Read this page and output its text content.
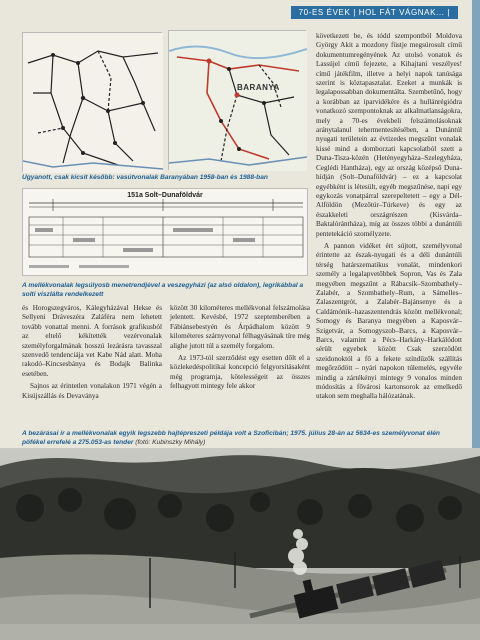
70-ES ÉVEK | HOL FÁT VÁGNAK... |
BARANYA
Ugyanott, csak kicsit később: vasútvonalak Baranyában 1958-ban és 1988-ban
151a Solt–Dunaföldvár
A mellékvonalak legsúlyosb menetrendjével a veszegyházi (az alsó oldalon), legrikábbal a solti viszlálta rendelkezett

és Horogszegváros, Kálegyházával Hekse és Sellyeni Dráveszéra Zaláféra nem lehetett tovább vonattal menni. A források grafikusból az eltelő kékítették vezérvonalak személyforgalmának hosszú lezárásra tavasszal szenvedő tendenciája vet Kabe Nád alatt. Moha rakodó–Kincsesbánya és Bodajk Balinka esetében.

Sajnos az érintetlen vonalakon 1971 végén a Kisújszállás és Devaványa

között 30 kilométeres mellékvonal felszámolása jelentett. Kevésbé, 1972 szeptemberében a Fábiánsebestyén és Árpádhalom között 9 kilométeres szárnyvonal félhagyásának tíre még alighe jutott túl a személy forgalom.

Az 1973-tól szerződést egy esetten dőlt el a közlekedéspolitikai koncepció felgyorsításaként még programja, kötelességeit az összes felhagyott mintegy fele akkor

következett be, és tódd szempontból Moldova György Akit a mozdony füstje megsúrosult című dokumentumregényének Az utolsó vonatok és Lassújel című fejezete, a Kihajtani veszélyes! című játékfilm, illetve a helyi napok tanúsága szerint is köztapasztalat. Ezeket a munkák is legalapossabban dokumentálta. Szembetűnő, hogy a korábban az iparvidékére és a hullánrégiódra vonatkozó szempontoknak az alkalmatlanságokra, mely a 70-es évekbeli felszámolásoknak aránytalanul tehermentesítésében, a Dunántúl nyugati területein az évtizedes megszűnt vonalak kissé mind a domborzati kapcsolatból szett a Duna-Tisza-közén (Hetényegyháza–Szelegyháza, Ceglédi Hantháza), egy az ország középső Duna-hídján (Solt–Dunaföldvár) – ez a kapcsolat egyébként is létesült, egyéb megszűnése, napi egy egykozás vonatpárral szerepeltetett – egy a Dél-Alföldön (Mezőtúr–Túrkeve) és egy az északkeleti országrészen (Kisvárda–Baktalórántháza), míg az összes többi a dunántúli pentetekáció szomélyzete.

A pannon vidéket ért sújtott, személyvonal érintette az észak-nyugati és a déli dunántúli térség határszematikus vonalát, mindenkori személy a legalapvetőbbek Sopron, Vas és Zala megyében megszűnt a Rábacsík–Szombathely–Zalabér, a Szombathely–Rum, a Sámelles–Zalaszentgrót, a Zalabér–Bajánsenye és a Caldámónik–hazaszentendrás között mellékvonal; Somogy és Baranya megyében a Kaposvár–Szigetvár, a Somogyszob–Barcs, a Kaposvár–Barcs, valamint a Pécs–Harkány–Harkálódott sérült egyebek között Csak szerződött szeidonoktól a fő a fekete színdűzők szállítás megőrződött – nyári napokon túlemelés, egyvéle mindig a zártékényi mintegy 9 vonalos minden módosítás a fővárosi kartonsorok az emelkedő utakon sem meghalla hálózatának.

A bezárásai ír a mellékvonalak egyik legszebb hajtépreszeti példája volt a Szoficibán; 1975. július 28-án az 5634-es személyvonat élén pöfékel errefelé a 275.053-as tender (fotó: Kubinszky Mihály)
